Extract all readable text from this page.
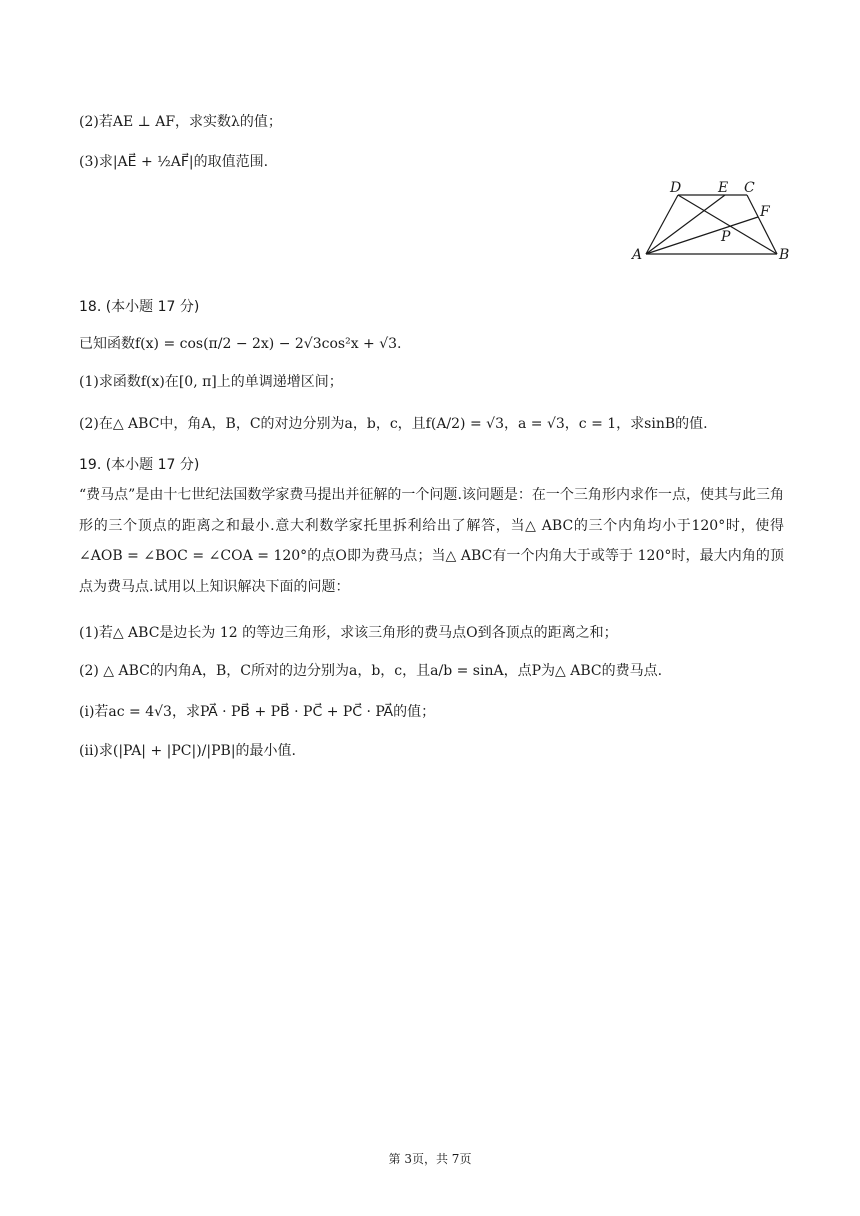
(2)若AE ⊥ AF，求实数λ的值；
(3)求|AE⃗ + ½AF⃗|的取值范围.
D	E C
F
P
A	B
18. (本小题 17 分)
已知函数f(x) = cos(π/2 − 2x) − 2√3cos²x + √3.
(1)求函数f(x)在[0, π]上的单调递增区间；
(2)在△ ABC中，角A，B，C的对边分别为a，b，c，且f(A/2) = √3，a = √3，c = 1，求sinB的值.
19. (本小题 17 分)
“费马点”是由十七世纪法国数学家费马提出并征解的一个问题.该问题是：在一个三角形内求作一点，使其与此三角形的三个顶点的距离之和最小.意大利数学家托里拆利给出了解答，当△ ABC的三个内角均小于120°时，使得∠AOB = ∠BOC = ∠COA = 120°的点O即为费马点；当△ ABC有一个内角大于或等于 120°时，最大内角的顶点为费马点.试用以上知识解决下面的问题：
(1)若△ ABC是边长为 12 的等边三角形，求该三角形的费马点O到各顶点的距离之和；
(2) △ ABC的内角A，B，C所对的边分别为a，b，c，且a/b = sinA，点P为△ ABC的费马点.
(i)若ac = 4√3，求PA⃗ · PB⃗ + PB⃗ · PC⃗ + PC⃗ · PA⃗的值；
(ii)求(|PA| + |PC|)/|PB|的最小值.
第 3页，共 7页
